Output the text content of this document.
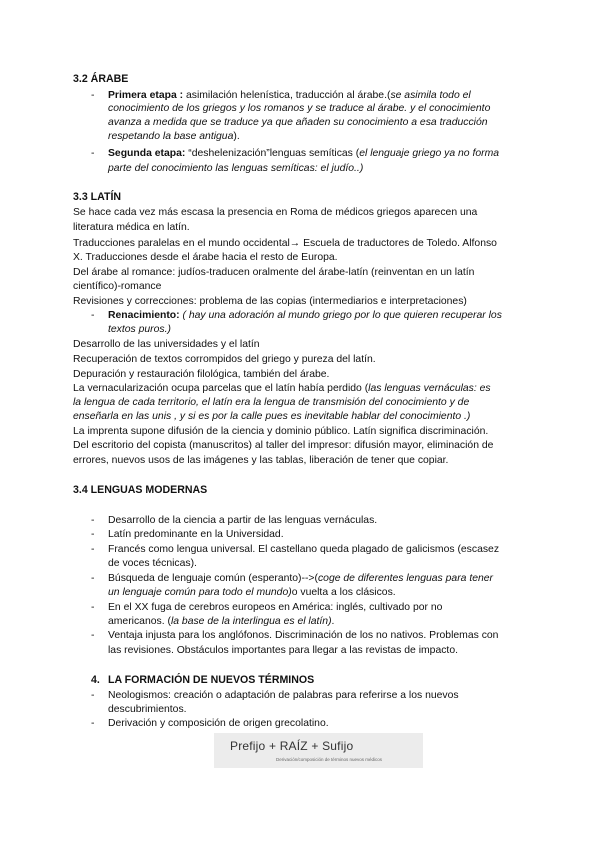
3.2 ÁRABE
- Primera etapa : asimilación helenística, traducción al árabe.(se asimila todo el
conocimiento de los griegos y los romanos y se traduce al árabe. y el conocimiento
avanza a medida que se traduce ya que añaden su conocimiento a esa traducción
respetando la base antigua).
- Segunda etapa: “deshelenización”lenguas semíticas (el lenguaje griego ya no forma
parte del conocimiento las lenguas semíticas: el judío..)
3.3 LATÍN
Se hace cada vez más escasa la presencia en Roma de médicos griegos aparecen una
literatura médica en latín.
Traducciones paralelas en el mundo occidental→ Escuela de traductores de Toledo. Alfonso
X. Traducciones desde el árabe hacia el resto de Europa.
Del árabe al romance: judíos-traducen oralmente del árabe-latín (reinventan en un latín
científico)-romance
Revisiones y correcciones: problema de las copias (intermediarios e interpretaciones)
- Renacimiento: ( hay una adoración al mundo griego por lo que quieren recuperar los
textos puros.)
Desarrollo de las universidades y el latín
Recuperación de textos corrompidos del griego y pureza del latín.
Depuración y restauración filológica, también del árabe.
La vernacularización ocupa parcelas que el latín había perdido (las lenguas vernáculas: es
la lengua de cada territorio, el latín era la lengua de transmisión del conocimiento y de
enseñarla en las unis , y si es por la calle pues es inevitable hablar del conocimiento .)
La imprenta supone difusión de la ciencia y dominio público. Latín significa discriminación.
Del escritorio del copista (manuscritos) al taller del impresor: difusión mayor, eliminación de
errores, nuevos usos de las imágenes y las tablas, liberación de tener que copiar.
3.4 LENGUAS MODERNAS
- Desarrollo de la ciencia a partir de las lenguas vernáculas.
- Latín predominante en la Universidad.
- Francés como lengua universal. El castellano queda plagado de galicismos (escasez
de voces técnicas).
- Búsqueda de lenguaje común (esperanto)-->(coge de diferentes lenguas para tener
un lenguaje común para todo el mundo)o vuelta a los clásicos.
- En el XX fuga de cerebros europeos en América: inglés, cultivado por no
americanos. (la base de la interlingua es el latín).
- Ventaja injusta para los anglófonos. Discriminación de los no nativos. Problemas con
las revisiones. Obstáculos importantes para llegar a las revistas de impacto.
4. LA FORMACIÓN DE NUEVOS TÉRMINOS
- Neologismos: creación o adaptación de palabras para referirse a los nuevos
descubrimientos.
- Derivación y composición de origen grecolatino.
Prefijo + RAÍZ + Sufijo
Derivación/composición de términos nuevos médicos
